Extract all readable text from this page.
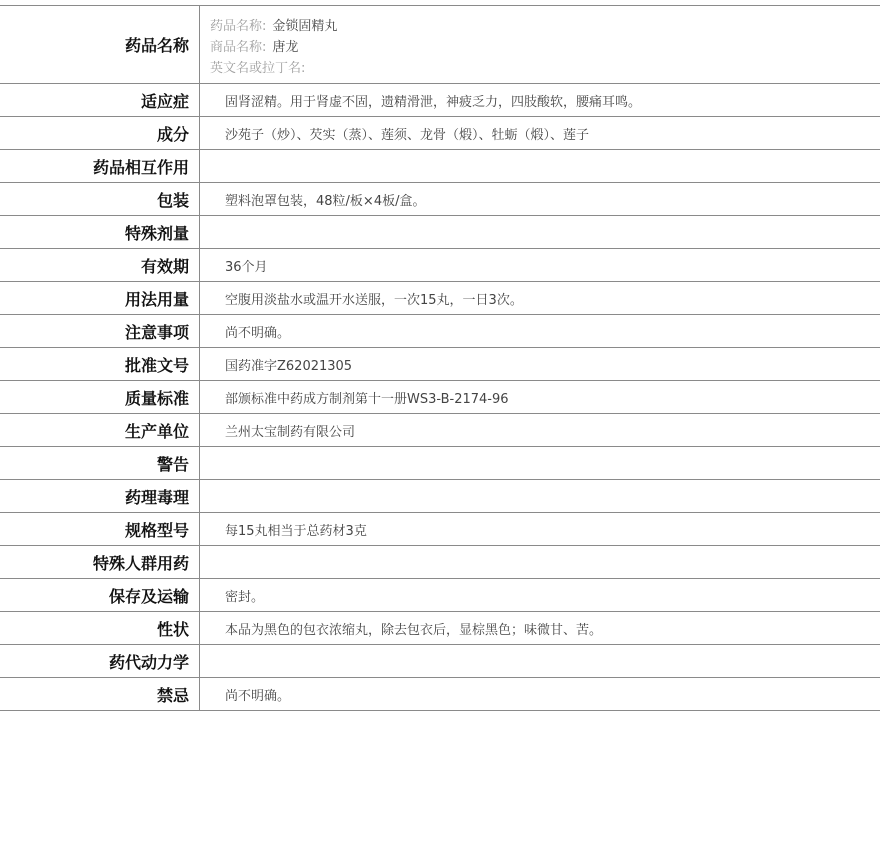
药品名称
药品名称: 金锁固精丸
商品名称: 唐龙
英文名或拉丁名:
适应症	固肾涩精。用于肾虚不固，遗精滑泄，神疲乏力，四肢酸软，腰痛耳鸣。
成分	沙苑子（炒）、芡实（蒸）、莲须、龙骨（煅）、牡蛎（煅）、莲子
药品相互作用
包装	塑料泡罩包装，48粒/板×4板/盒。
特殊剂量
有效期	36个月
用法用量	空腹用淡盐水或温开水送服，一次15丸，一日3次。
注意事项	尚不明确。
批准文号	国药准字Z62021305
质量标准	部颁标准中药成方制剂第十一册WS3-B-2174-96
生产单位	兰州太宝制药有限公司
警告
药理毒理
规格型号	每15丸相当于总药材3克
特殊人群用药
保存及运输	密封。
性状	本品为黑色的包衣浓缩丸，除去包衣后，显棕黑色；味微甘、苦。
药代动力学
禁忌	尚不明确。
